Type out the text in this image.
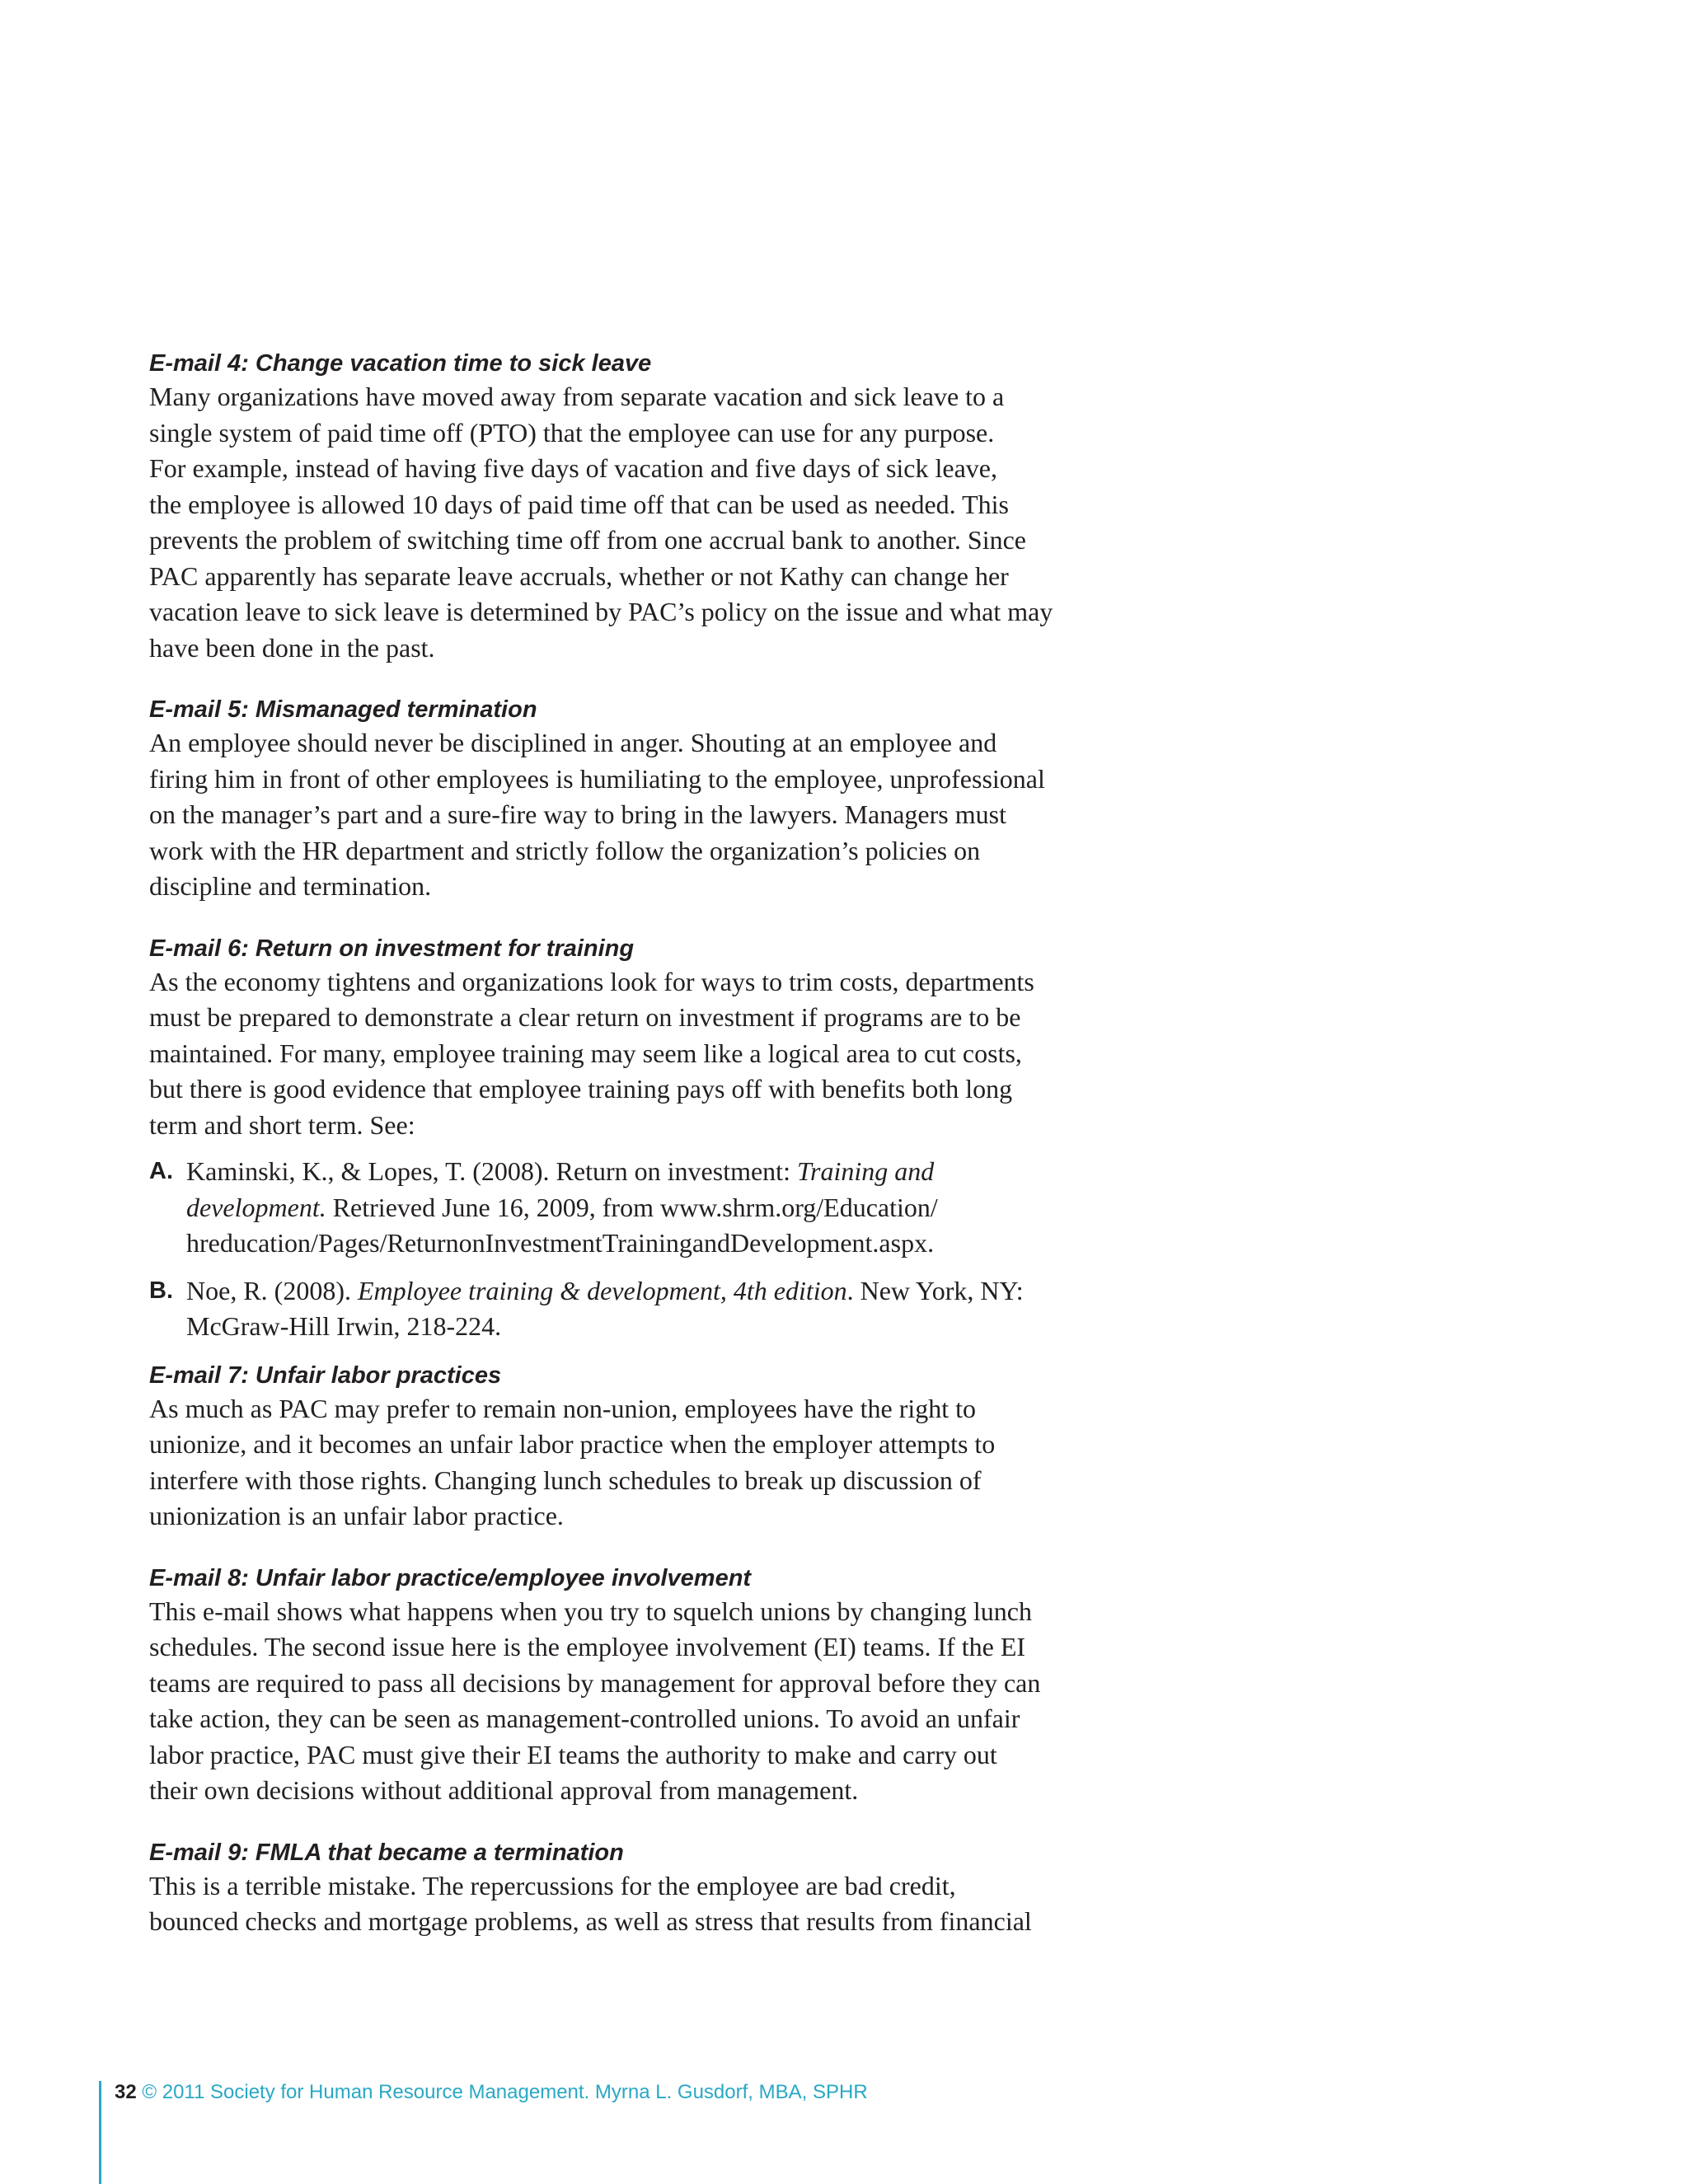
E-mail 4: Change vacation time to sick leave

Many organizations have moved away from separate vacation and sick leave to a
single system of paid time off (PTO) that the employee can use for any purpose.
For example, instead of having five days of vacation and five days of sick leave,
the employee is allowed 10 days of paid time off that can be used as needed. This
prevents the problem of switching time off from one accrual bank to another. Since
PAC apparently has separate leave accruals, whether or not Kathy can change her
vacation leave to sick leave is determined by PAC’s policy on the issue and what may
have been done in the past.

E-mail 5: Mismanaged termination

An employee should never be disciplined in anger. Shouting at an employee and
firing him in front of other employees is humiliating to the employee, unprofessional
on the manager’s part and a sure-fire way to bring in the lawyers. Managers must
work with the HR department and strictly follow the organization’s policies on
discipline and termination.

E-mail 6: Return on investment for training

As the economy tightens and organizations look for ways to trim costs, departments
must be prepared to demonstrate a clear return on investment if programs are to be
maintained. For many, employee training may seem like a logical area to cut costs,
but there is good evidence that employee training pays off with benefits both long
term and short term. See:

A. Kaminski, K., & Lopes, T. (2008). Return on investment: Training and
development. Retrieved June 16, 2009, from www.shrm.org/Education/
hreducation/Pages/ReturnonInvestmentTrainingandDevelopment.aspx.
B. Noe, R. (2008). Employee training & development, 4th edition. New York, NY:
McGraw-Hill Irwin, 218-224.
E-mail 7: Unfair labor practices

As much as PAC may prefer to remain non-union, employees have the right to
unionize, and it becomes an unfair labor practice when the employer attempts to
interfere with those rights. Changing lunch schedules to break up discussion of
unionization is an unfair labor practice.

E-mail 8: Unfair labor practice/employee involvement

This e-mail shows what happens when you try to squelch unions by changing lunch
schedules. The second issue here is the employee involvement (EI) teams. If the EI
teams are required to pass all decisions by management for approval before they can
take action, they can be seen as management-controlled unions. To avoid an unfair
labor practice, PAC must give their EI teams the authority to make and carry out
their own decisions without additional approval from management.

E-mail 9: FMLA that became a termination

This is a terrible mistake. The repercussions for the employee are bad credit,
bounced checks and mortgage problems, as well as stress that results from financial

32 © 2011 Society for Human Resource Management. Myrna L. Gusdorf, MBA, SPHR
